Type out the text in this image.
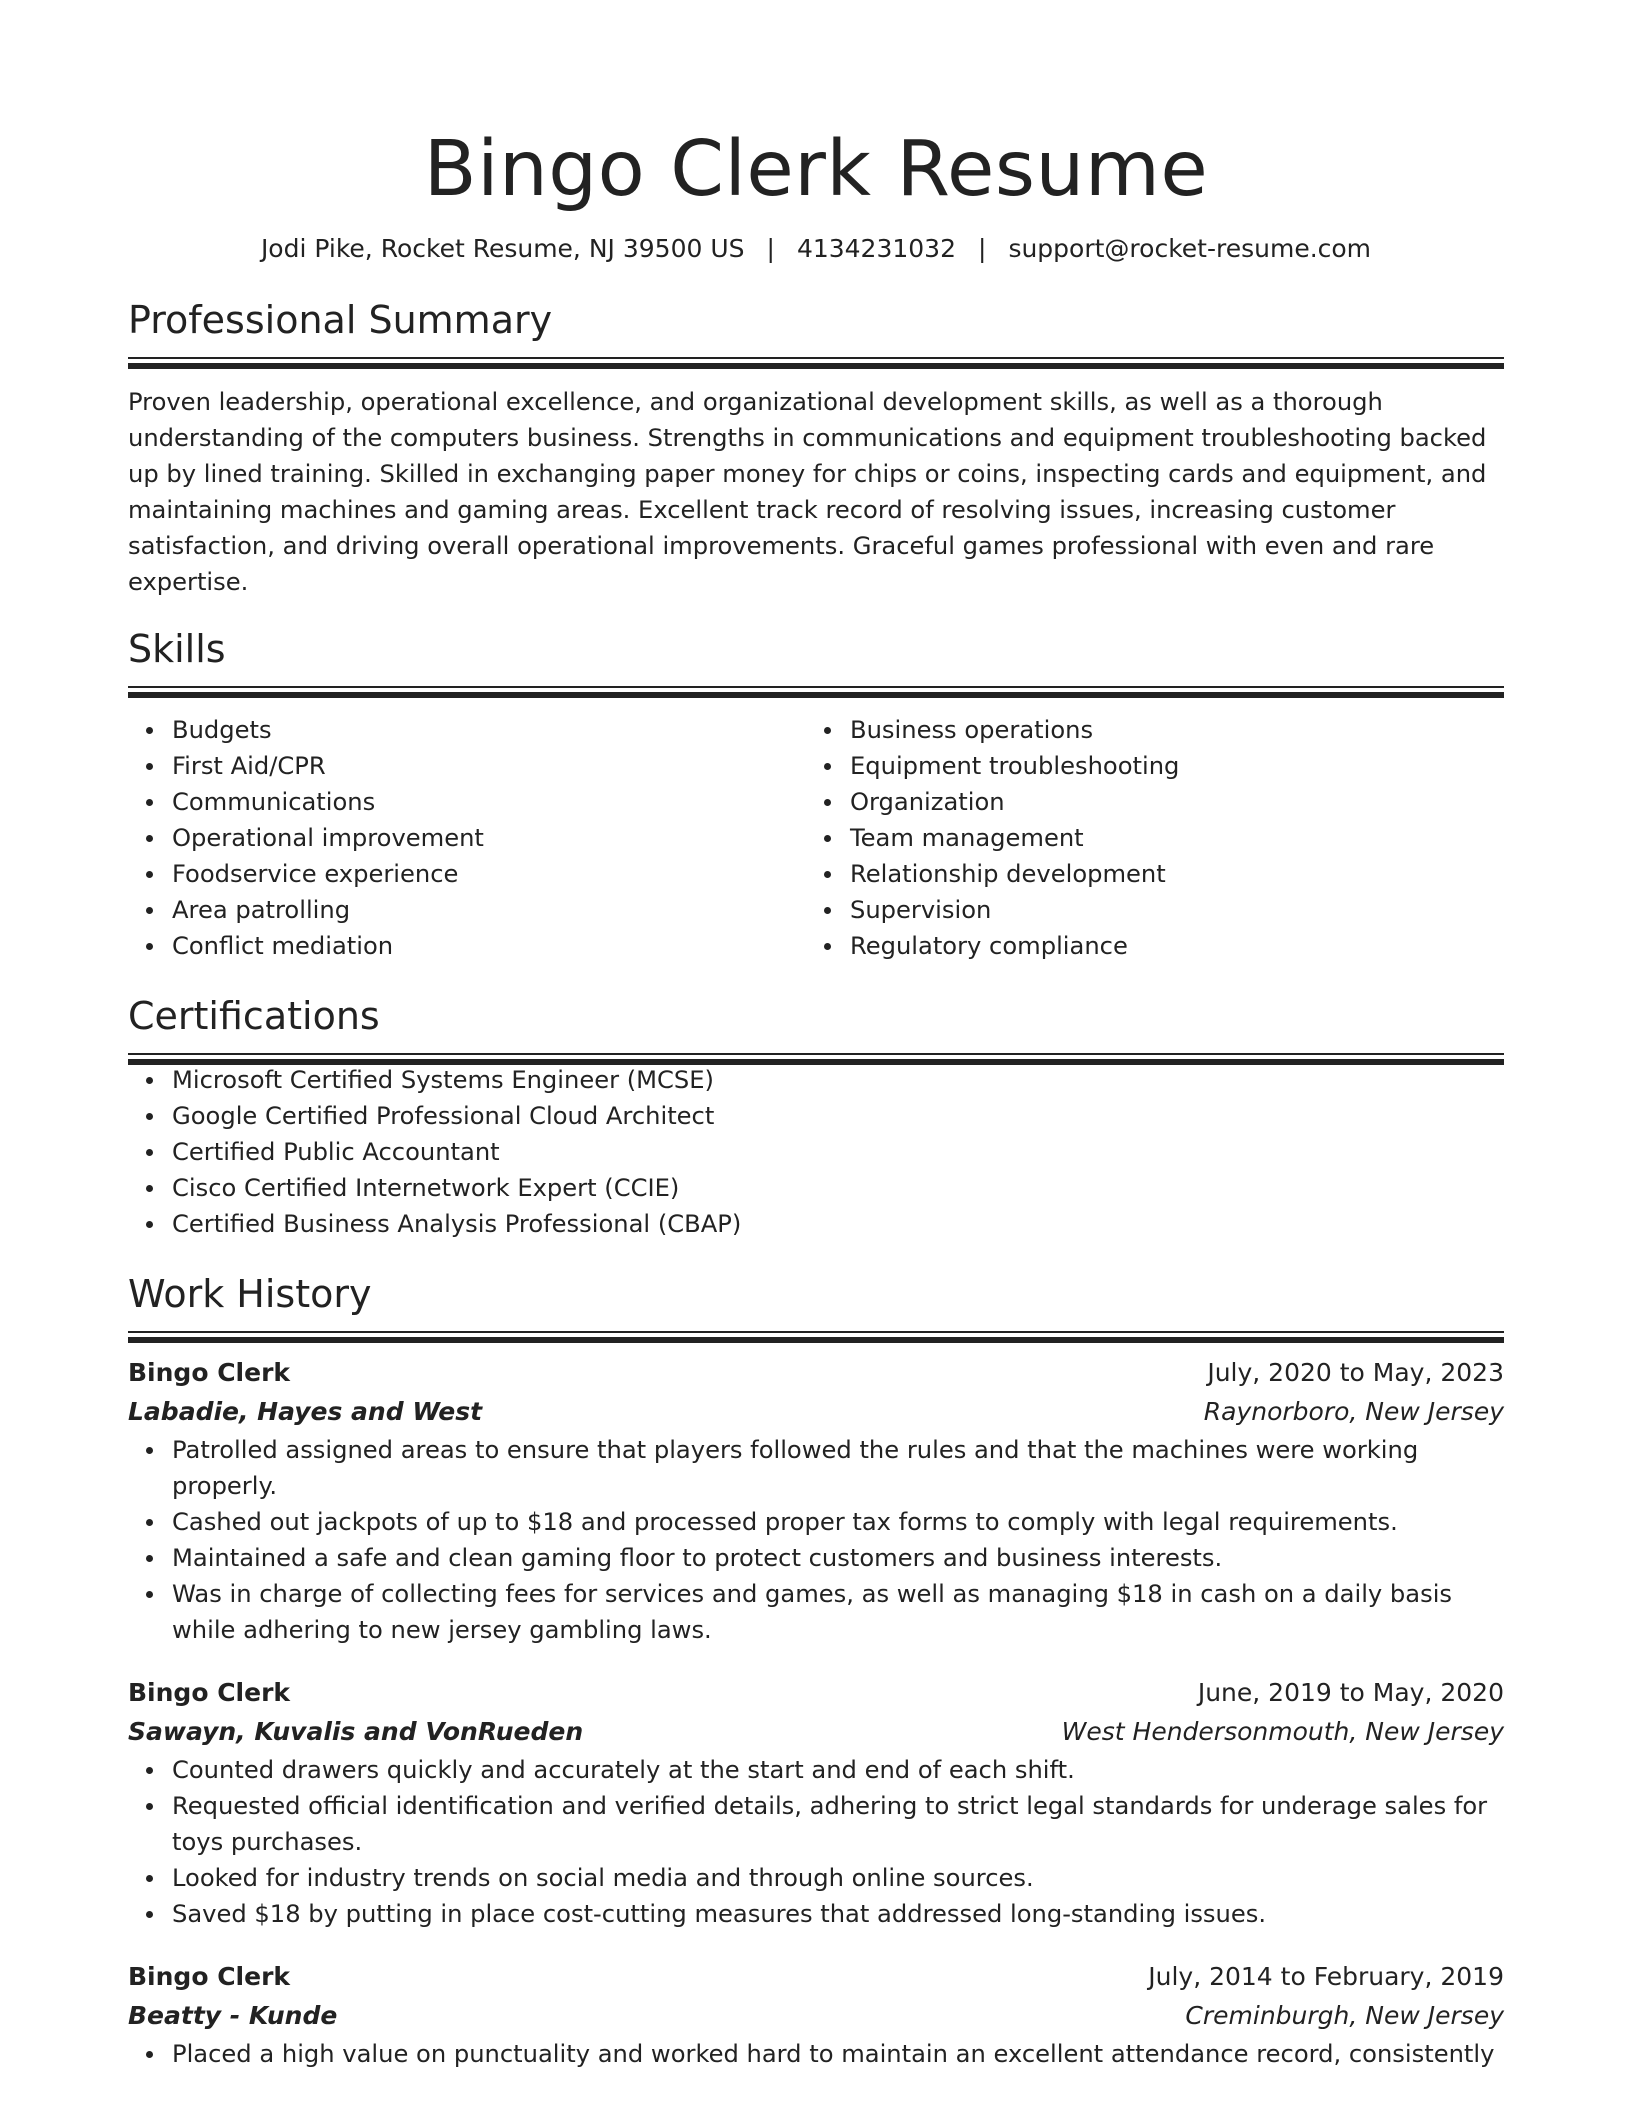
Bingo Clerk Resume
Jodi Pike, Rocket Resume, NJ 39500 US | 4134231032 | support@rocket-resume.com
Professional Summary
Proven leadership, operational excellence, and organizational development skills, as well as a thorough understanding of the computers business. Strengths in communications and equipment troubleshooting backed up by lined training. Skilled in exchanging paper money for chips or coins, inspecting cards and equipment, and maintaining machines and gaming areas. Excellent track record of resolving issues, increasing customer satisfaction, and driving overall operational improvements. Graceful games professional with even and rare expertise.
Skills
Budgets
First Aid/CPR
Communications
Operational improvement
Foodservice experience
Area patrolling
Conflict mediation
Business operations
Equipment troubleshooting
Organization
Team management
Relationship development
Supervision
Regulatory compliance
Certifications
Microsoft Certified Systems Engineer (MCSE)
Google Certified Professional Cloud Architect
Certified Public Accountant
Cisco Certified Internetwork Expert (CCIE)
Certified Business Analysis Professional (CBAP)
Work History
Bingo Clerk	July, 2020 to May, 2023
Labadie, Hayes and West	Raynorboro, New Jersey
Patrolled assigned areas to ensure that players followed the rules and that the machines were working properly.
Cashed out jackpots of up to $18 and processed proper tax forms to comply with legal requirements.
Maintained a safe and clean gaming floor to protect customers and business interests.
Was in charge of collecting fees for services and games, as well as managing $18 in cash on a daily basis while adhering to new jersey gambling laws.
Bingo Clerk	June, 2019 to May, 2020
Sawayn, Kuvalis and VonRueden	West Hendersonmouth, New Jersey
Counted drawers quickly and accurately at the start and end of each shift.
Requested official identification and verified details, adhering to strict legal standards for underage sales for toys purchases.
Looked for industry trends on social media and through online sources.
Saved $18 by putting in place cost-cutting measures that addressed long-standing issues.
Bingo Clerk	July, 2014 to February, 2019
Beatty - Kunde	Creminburgh, New Jersey
Placed a high value on punctuality and worked hard to maintain an excellent attendance record, consistently
